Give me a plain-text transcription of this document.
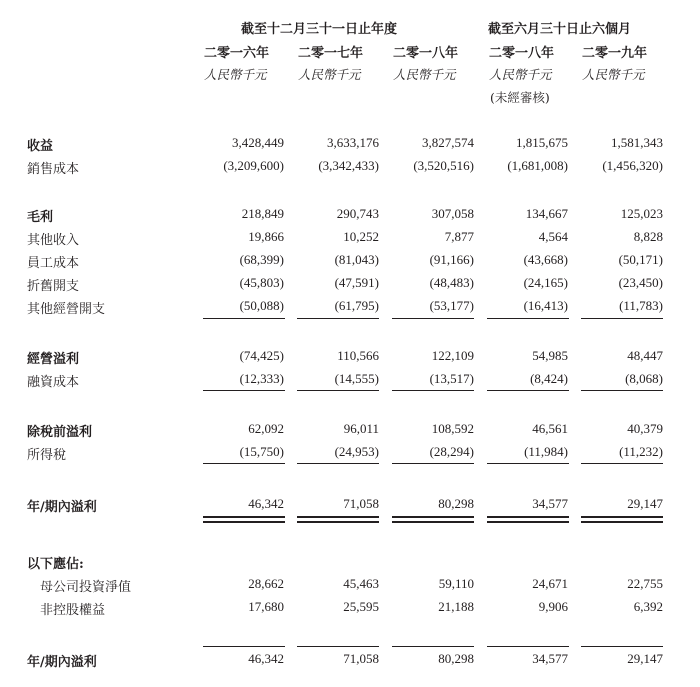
截至十二月三十一日止年度	截至六月三十日止六個月
二零一六年 二零一七年 二零一八年 二零一八年 二零一九年
人民幣千元	人民幣千元	人民幣千元	人民幣千元 人民幣千元
(未經審核)
收益	3,428,449	3,633,176	3,827,574	1,815,675	1,581,343
銷售成本	(3,209,600)	(3,342,433)	(3,520,516)	(1,681,008)	(1,456,320)
毛利	218,849	290,743	307,058	134,667	125,023
其他收入	19,866	10,252	7,877	4,564	8,828
員工成本	(68,399)	(81,043)	(91,166)	(43,668)	(50,171)
折舊開支	(45,803)	(47,591)	(48,483)	(24,165)	(23,450)
其他經營開支	(50,088)	(61,795)	(53,177)	(16,413)	(11,783)
經營溢利	(74,425)	110,566	122,109	54,985	48,447
融資成本	(12,333)	(14,555)	(13,517)	(8,424)	(8,068)
除稅前溢利	62,092	96,011	108,592	46,561	40,379
所得稅	(15,750)	(24,953)	(28,294)	(11,984)	(11,232)
年/期內溢利	46,342	71,058	80,298	34,577	29,147
以下應佔:
母公司投資淨值	28,662	45,463	59,110	24,671	22,755
非控股權益	17,680	25,595	21,188	9,906	6,392
年/期內溢利	46,342	71,058	80,298	34,577	29,147
